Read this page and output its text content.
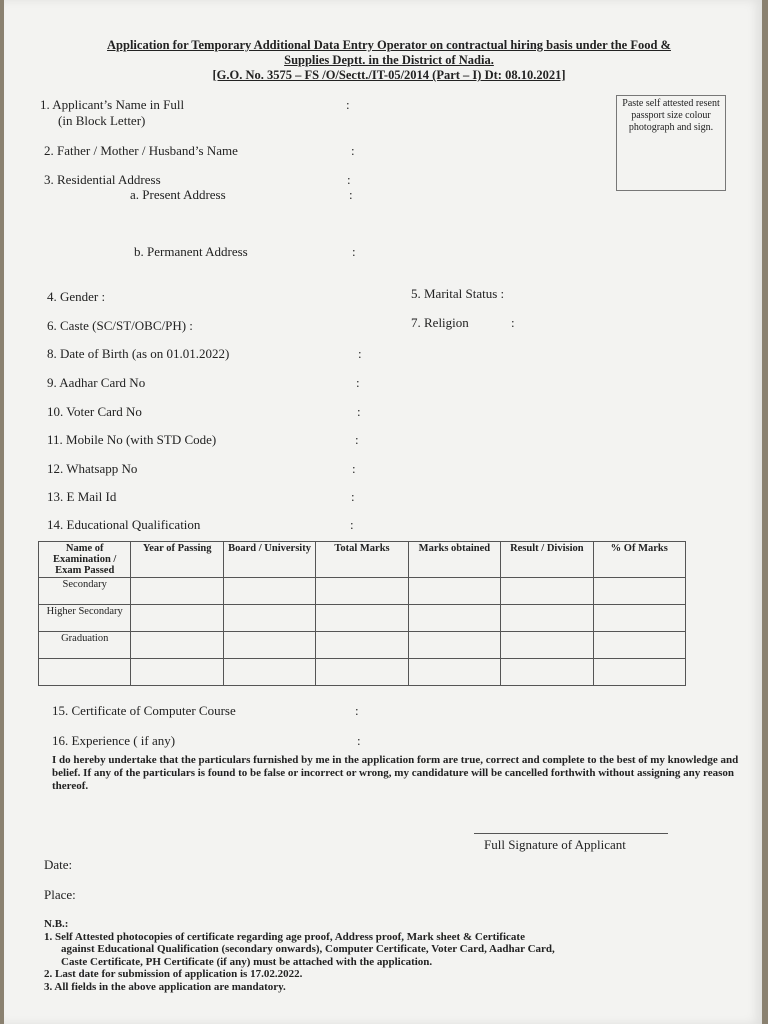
Application for Temporary Additional Data Entry Operator on contractual hiring basis under the Food &
Supplies Deptt. in the District of Nadia.
[G.O. No. 3575 – FS /O/Sectt./IT-05/2014 (Part – I) Dt: 08.10.2021]
Paste self attested resent passport size colour photograph and sign.
1. Applicant’s Name in Full
(in Block Letter)
:
2. Father / Mother / Husband’s Name	:
3. Residential Address	:
a. Present Address	:
b. Permanent Address	:
4. Gender :	5. Marital Status :
6. Caste (SC/ST/OBC/PH) :	7. Religion	:
8. Date of Birth (as on 01.01.2022)	:
9. Aadhar Card No	:
10. Voter Card No	:
11. Mobile No (with STD Code)	:
12. Whatsapp No	:
13. E Mail Id	:
14. Educational Qualification	:
Name of Examination / Exam Passed	Year of Passing	Board / University	Total Marks	Marks obtained	Result / Division	% Of Marks
Secondary						
Higher Secondary						
Graduation						

15. Certificate of Computer Course	:
16. Experience ( if any)	:
I do hereby undertake that the particulars furnished by me in the application form are true, correct and complete to the best of my knowledge and belief. If any of the particulars is found to be false or incorrect or wrong, my candidature will be cancelled forthwith without assigning any reason thereof.
Full Signature of Applicant
Date:
Place:
N.B.:
1. Self Attested photocopies of certificate regarding age proof, Address proof, Mark sheet & Certificate
against Educational Qualification (secondary onwards), Computer Certificate, Voter Card, Aadhar Card,
Caste Certificate, PH Certificate (if any) must be attached with the application.
2. Last date for submission of application is 17.02.2022.
3. All fields in the above application are mandatory.
